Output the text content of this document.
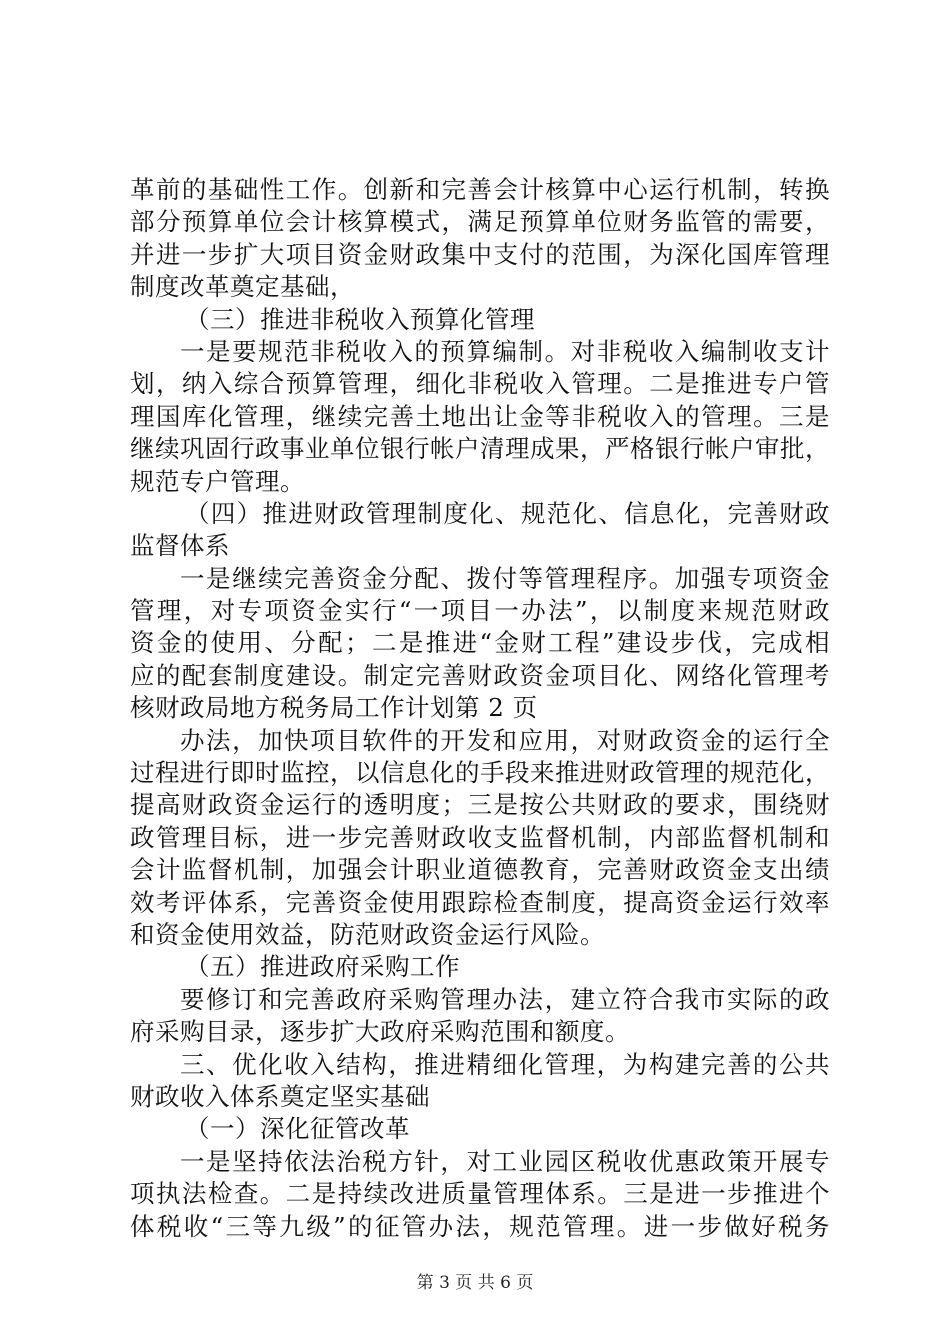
革前的基础性工作。创新和完善会计核算中心运行机制，转换
部分预算单位会计核算模式，满足预算单位财务监管的需要，
并进一步扩大项目资金财政集中支付的范围，为深化国库管理
制度改革奠定基础，
（三）推进非税收入预算化管理
一是要规范非税收入的预算编制。对非税收入编制收支计
划，纳入综合预算管理，细化非税收入管理。二是推进专户管
理国库化管理，继续完善土地出让金等非税收入的管理。三是
继续巩固行政事业单位银行帐户清理成果，严格银行帐户审批，
规范专户管理。
（四）推进财政管理制度化、规范化、信息化，完善财政
监督体系
一是继续完善资金分配、拨付等管理程序。加强专项资金
管理，对专项资金实行“一项目一办法”，以制度来规范财政
资金的使用、分配；二是推进“金财工程”建设步伐，完成相
应的配套制度建设。制定完善财政资金项目化、网络化管理考
核财政局地方税务局工作计划第 2 页
办法，加快项目软件的开发和应用，对财政资金的运行全
过程进行即时监控，以信息化的手段来推进财政管理的规范化，
提高财政资金运行的透明度；三是按公共财政的要求，围绕财
政管理目标，进一步完善财政收支监督机制，内部监督机制和
会计监督机制，加强会计职业道德教育，完善财政资金支出绩
效考评体系，完善资金使用跟踪检查制度，提高资金运行效率
和资金使用效益，防范财政资金运行风险。
（五）推进政府采购工作
要修订和完善政府采购管理办法，建立符合我市实际的政
府采购目录，逐步扩大政府采购范围和额度。
三、优化收入结构，推进精细化管理，为构建完善的公共
财政收入体系奠定坚实基础
（一）深化征管改革
一是坚持依法治税方针，对工业园区税收优惠政策开展专
项执法检查。二是持续改进质量管理体系。三是进一步推进个
体税收“三等九级”的征管办法，规范管理。进一步做好税务
第 3 页 共 6 页
